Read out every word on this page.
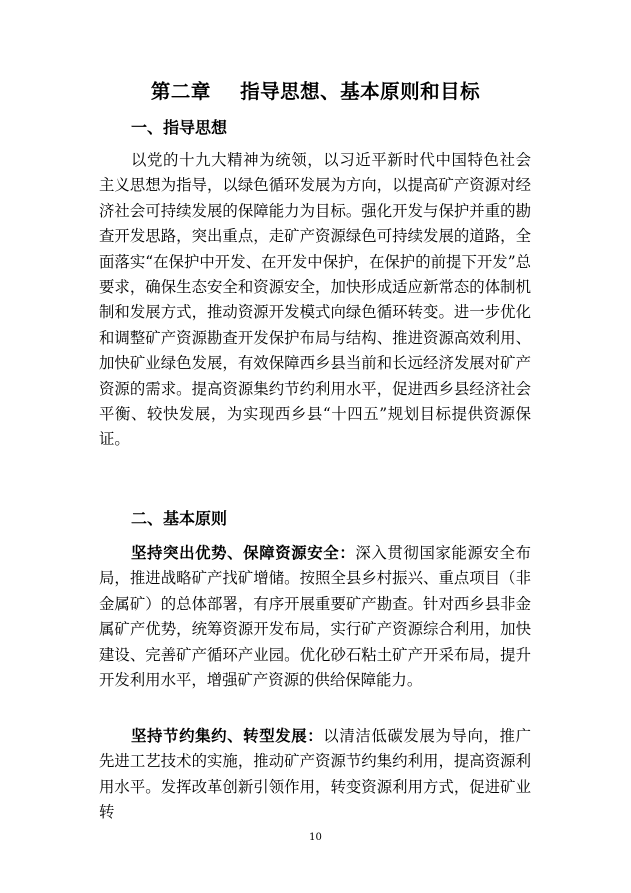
第二章    指导思想、基本原则和目标
一、指导思想

以党的十九大精神为统领，以习近平新时代中国特色社会主义思想为指导，以绿色循环发展为方向，以提高矿产资源对经济社会可持续发展的保障能力为目标。强化开发与保护并重的勘查开发思路，突出重点，走矿产资源绿色可持续发展的道路，全面落实“在保护中开发、在开发中保护，在保护的前提下开发”总要求，确保生态安全和资源安全，加快形成适应新常态的体制机制和发展方式，推动资源开发模式向绿色循环转变。进一步优化和调整矿产资源勘查开发保护布局与结构、推进资源高效利用、加快矿业绿色发展，有效保障西乡县当前和长远经济发展对矿产资源的需求。提高资源集约节约利用水平，促进西乡县经济社会平衡、较快发展，为实现西乡县“十四五”规划目标提供资源保证。

二、基本原则

坚持突出优势、保障资源安全：深入贯彻国家能源安全布局，推进战略矿产找矿增储。按照全县乡村振兴、重点项目（非金属矿）的总体部署，有序开展重要矿产勘查。针对西乡县非金属矿产优势，统筹资源开发布局，实行矿产资源综合利用，加快建设、完善矿产循环产业园。优化砂石粘土矿产开采布局，提升开发利用水平，增强矿产资源的供给保障能力。

坚持节约集约、转型发展：以清洁低碳发展为导向，推广先进工艺技术的实施，推动矿产资源节约集约利用，提高资源利用水平。发挥改革创新引领作用，转变资源利用方式，促进矿业转

10
